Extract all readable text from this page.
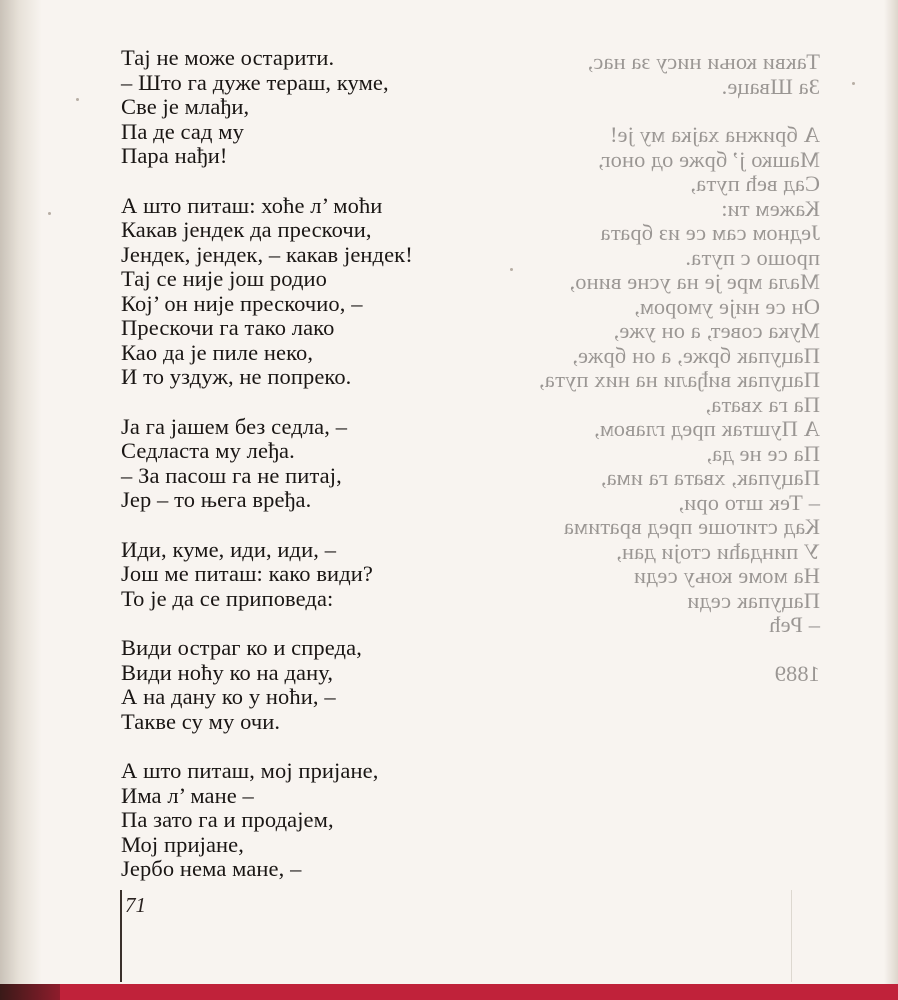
Такви коњи нису за нас,
За Шваце.
А брижна хајка му је!
Машко ј’ брже од оног,
Сад већ пута,
Кажем ти:
Једном сам се из брата
прошо с пута.
Мала мре је на усне вино,
Он се није умором,
Мука совет, а он уже,
Пацупак брже, а он брже,
Пацупак виђали на ниx пута,
Па га хвата,
А Пуштак пред главом,
Па се не да,
Пацупак, хвата га има,
– Тек што ори,
Кад стигоше пред вратима
У пиндаћи стоји дан,
На моме коњу седи
Пацупак седи
– Рећ
1889
Тај не може остарити.
– Што га дуже тераш, куме,
Све је млађи,
Па де сад му
Пара нађи!
А што питаш: хоће л’ моћи
Какав јендек да прескочи,
Јендек, јендек, – какав јендек!
Тај се није још родио
Кој’ он није прескочио, –
Прескочи га тако лако
Као да је пиле неко,
И то уздуж, не попреко.
Ја га јашем без седла, –
Седласта му леђа.
– За пасош га не питај,
Јер – то њега вређа.
Иди, куме, иди, иди, –
Још ме питаш: како види?
То је да се приповеда:
Види остраг ко и спреда,
Види ноћу ко на дану,
А на дану ко у ноћи, –
Такве су му очи.
А што питаш, мој пријане,
Има л’ мане –
Па зато га и продајем,
Мој пријане,
Јербо нема мане, –
71
